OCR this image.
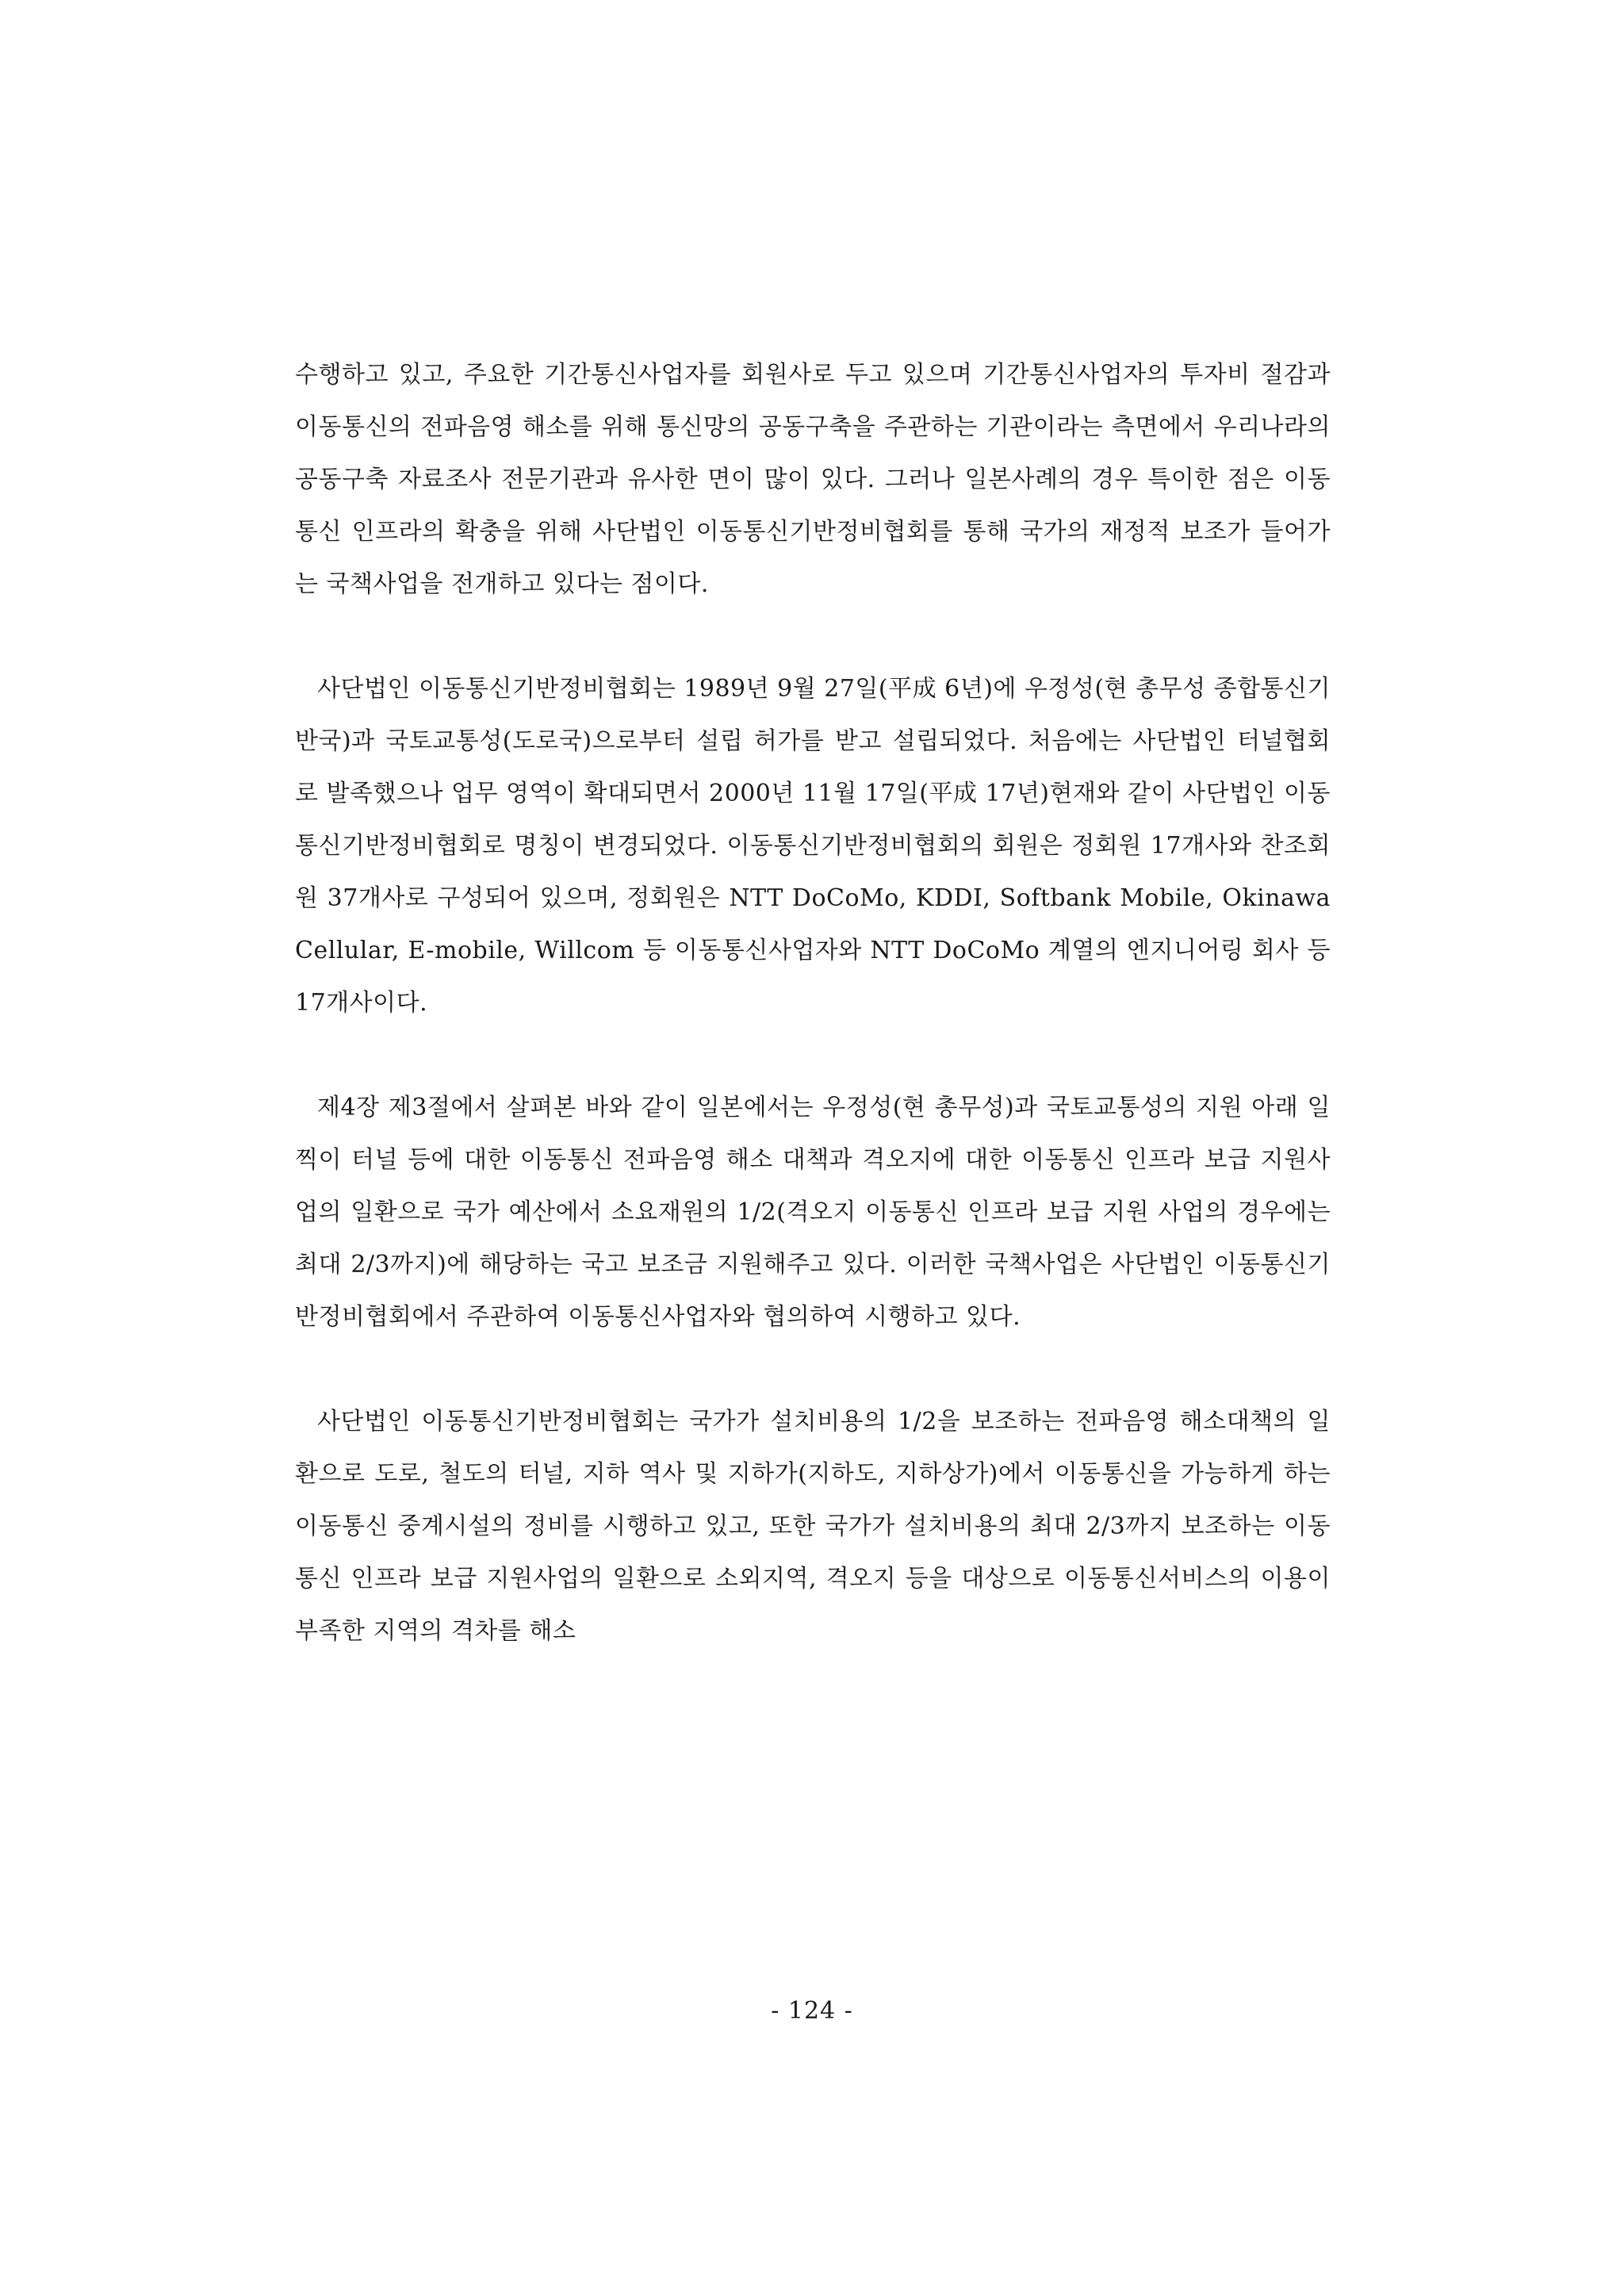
수행하고 있고, 주요한 기간통신사업자를 회원사로 두고 있으며 기간통신사업자의 투자비 절감과 이동통신의 전파음영 해소를 위해 통신망의 공동구축을 주관하는 기관이라는 측면에서 우리나라의 공동구축 자료조사 전문기관과 유사한 면이 많이 있다. 그러나 일본사례의 경우 특이한 점은 이동통신 인프라의 확충을 위해 사단법인 이동통신기반정비협회를 통해 국가의 재정적 보조가 들어가는 국책사업을 전개하고 있다는 점이다.

사단법인 이동통신기반정비협회는 1989년 9월 27일(平成 6년)에 우정성(현 총무성 종합통신기반국)과 국토교통성(도로국)으로부터 설립 허가를 받고 설립되었다. 처음에는 사단법인 터널협회로 발족했으나 업무 영역이 확대되면서 2000년 11월 17일(平成 17년)현재와 같이 사단법인 이동통신기반정비협회로 명칭이 변경되었다. 이동통신기반정비협회의 회원은 정회원 17개사와 찬조회원 37개사로 구성되어 있으며, 정회원은 NTT DoCoMo, KDDI, Softbank Mobile, Okinawa Cellular, E-mobile, Willcom 등 이동통신사업자와 NTT DoCoMo 계열의 엔지니어링 회사 등 17개사이다.

제4장 제3절에서 살펴본 바와 같이 일본에서는 우정성(현 총무성)과 국토교통성의 지원 아래 일찍이 터널 등에 대한 이동통신 전파음영 해소 대책과 격오지에 대한 이동통신 인프라 보급 지원사업의 일환으로 국가 예산에서 소요재원의 1/2(격오지 이동통신 인프라 보급 지원 사업의 경우에는 최대 2/3까지)에 해당하는 국고 보조금 지원해주고 있다. 이러한 국책사업은 사단법인 이동통신기반정비협회에서 주관하여 이동통신사업자와 협의하여 시행하고 있다.

사단법인 이동통신기반정비협회는 국가가 설치비용의 1/2을 보조하는 전파음영 해소대책의 일환으로 도로, 철도의 터널, 지하 역사 및 지하가(지하도, 지하상가)에서 이동통신을 가능하게 하는 이동통신 중계시설의 정비를 시행하고 있고, 또한 국가가 설치비용의 최대 2/3까지 보조하는 이동통신 인프라 보급 지원사업의 일환으로 소외지역, 격오지 등을 대상으로 이동통신서비스의 이용이 부족한 지역의 격차를 해소

- 124 -
